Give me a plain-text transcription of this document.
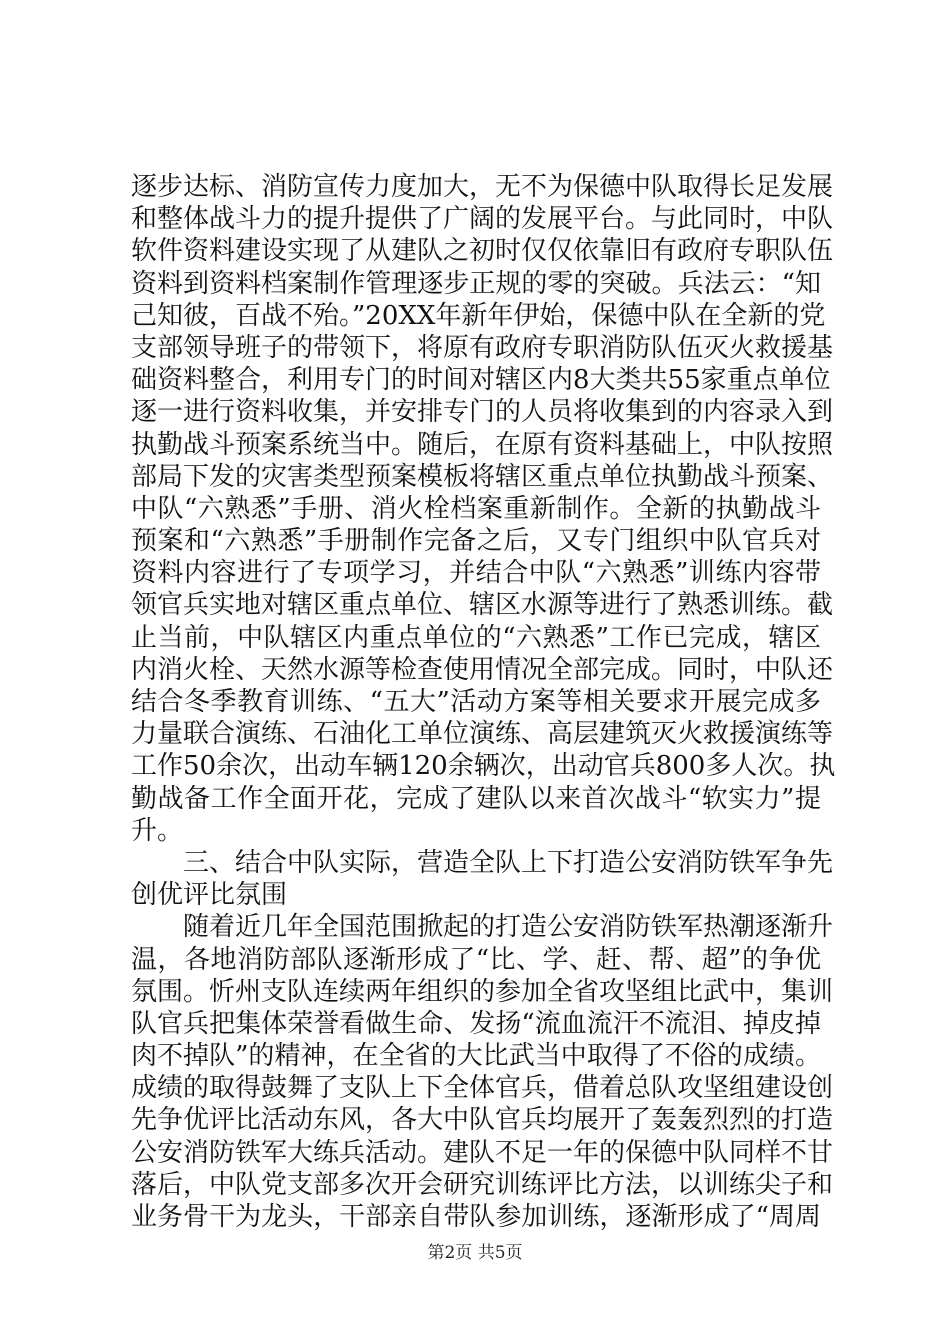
逐步达标、消防宣传力度加大，无不为保德中队取得长足发展
和整体战斗力的提升提供了广阔的发展平台。与此同时，中队
软件资料建设实现了从建队之初时仅仅依靠旧有政府专职队伍
资料到资料档案制作管理逐步正规的零的突破。兵法云：“知
己知彼，百战不殆。”20XX年新年伊始，保德中队在全新的党
支部领导班子的带领下，将原有政府专职消防队伍灭火救援基
础资料整合，利用专门的时间对辖区内8大类共55家重点单位
逐一进行资料收集，并安排专门的人员将收集到的内容录入到
执勤战斗预案系统当中。随后，在原有资料基础上，中队按照
部局下发的灾害类型预案模板将辖区重点单位执勤战斗预案、
中队“六熟悉”手册、消火栓档案重新制作。全新的执勤战斗
预案和“六熟悉”手册制作完备之后，又专门组织中队官兵对
资料内容进行了专项学习，并结合中队“六熟悉”训练内容带
领官兵实地对辖区重点单位、辖区水源等进行了熟悉训练。截
止当前，中队辖区内重点单位的“六熟悉”工作已完成，辖区
内消火栓、天然水源等检查使用情况全部完成。同时，中队还
结合冬季教育训练、“五大”活动方案等相关要求开展完成多
力量联合演练、石油化工单位演练、高层建筑灭火救援演练等
工作50余次，出动车辆120余辆次，出动官兵800多人次。执
勤战备工作全面开花，完成了建队以来首次战斗“软实力”提
升。
　　三、结合中队实际，营造全队上下打造公安消防铁军争先
创优评比氛围
　　随着近几年全国范围掀起的打造公安消防铁军热潮逐渐升
温，各地消防部队逐渐形成了“比、学、赶、帮、超”的争优
氛围。忻州支队连续两年组织的参加全省攻坚组比武中，集训
队官兵把集体荣誉看做生命、发扬“流血流汗不流泪、掉皮掉
肉不掉队”的精神，在全省的大比武当中取得了不俗的成绩。
成绩的取得鼓舞了支队上下全体官兵，借着总队攻坚组建设创
先争优评比活动东风，各大中队官兵均展开了轰轰烈烈的打造
公安消防铁军大练兵活动。建队不足一年的保德中队同样不甘
落后，中队党支部多次开会研究训练评比方法，以训练尖子和
业务骨干为龙头，干部亲自带队参加训练，逐渐形成了“周周
第2页 共5页
